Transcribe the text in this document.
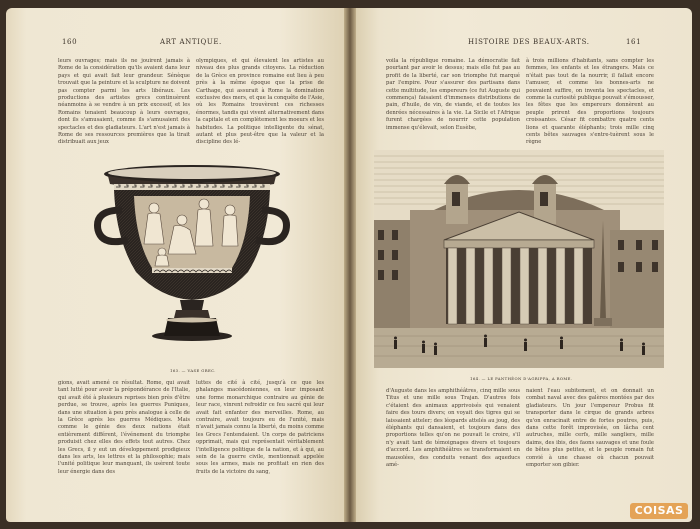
160	ART ANTIQUE.

leurs ouvrages; mais ils ne jouirent jamais à Rome de la considération qu'ils avaient dans leur pays et qui avait fait leur grandeur. Sénèque trouvait que la peinture et la sculpture ne doivent pas compter parmi les arts libéraux. Les productions des artistes grecs continuèrent néanmoins à se vendre à un prix excessif, et les Romains tenaient beaucoup à leurs ouvrages, dont ils s'amusaient, comme ils s'amusaient des spectacles et des gladiateurs. L'art n'est jamais à Rome de ses ressources premières que la tirait distribuait aux jeux

olympiques, et qui élevaient les artistes au niveau des plus grands citoyens. La réduction de la Grèce en province romaine eut lieu à peu près à la même époque que la prise de Carthage, qui assurait à Rome la domination exclusive des mers, et que la conquête de l'Asie, où les Romains trouvèrent ces richesses énormes, tandis qui vivent alternativement dans la capitale et en complètement les moeurs et les habitudes. La politique intelligente du sénat, autant et plus peut-être que la valeur et la discipline des lé-

163. — VASE GREC.

gions, avait amené ce résultat. Rome, qui avait tant lutté pour avoir la prépondérance de l'Italie, qui avait été à plusieurs reprises bien près d'être perdue, se trouve, après les guerres Puniques, dans une situation à peu près analogue à celle de la Grèce après les guerres Médiques. Mais comme le génie des deux nations était entièrement différent, l'événement du triomphe produisit chez elles des effets tout autres. Chez les Grecs, il y eut un développement prodigieux dans les arts, les lettres et la philosophie; mais l'unité politique leur manquant, ils usèrent toute leur énergie dans des

luttes de cité à cité, jusqu'à ce que les phalanges macédoniennes, en leur imposant une forme monarchique contraire au génie de leur race, vinrent refroidir ce feu sacré qui leur avait fait enfanter des merveilles. Rome, au contraire, avait toujours eu de l'unité, mais n'avait jamais connu la liberté, du moins comme les Grecs l'entendaient. Un corps de patriciens opprimait, mais qui représentait véritablement l'intelligence politique de la nation, et à qui, au sein de la guerre civile, mentionnait appelée sous les armes, mais ne profitait en rien des fruits de la victoire du sang,

HISTOIRE DES BEAUX-ARTS.	161

voila la république romaine. La démocratie fait pourtant par avoir le dessus; mais elle fut pas au profit de la liberté, car son triomphe fut marqué par l'empire. Pour s'assurer des partisans dans cette multitude, les empereurs (ce fut Auguste qui commença) faisaient d'immenses distributions de pain, d'huile, de vin, de viande, et de toutes les denrées nécessaires à la vie. La Sicile et l'Afrique furent chargées de nourrir cette population immense qu'élevait, selon Eusèbe,

à trois millions d'habitants, sans compter les femmes, les enfants et les étrangers. Mais ce n'était pas tout de la nourrir, il fallait encore l'amuser, et comme les bonnes-arts ne pouvaient suffire, on inventa les spectacles, et comme la curiosité publique pouvait s'émousser, les fêtes que les empereurs donnèrent au peuple prirent des proportions toujours croissantes. César fit combattre quatre cents lions et quarante éléphants; trois mille cinq cents bêtes sauvages s'entre-tuèrent sous le règne

164. — LE PANTHÉON D'AGRIPPA, A ROME.

d'Auguste dans les amphithéâtres, cinq mille sous Titus et une mille sous Trajan. D'autres fois c'étaient des animaux apprivoisés qui venaient faire des tours divers; on voyait des tigres qui se laissaient atteler; des léopards attelés au joug, des éléphants qui dansaient, et toujours dans des proportions telles qu'on ne pouvait le croire, s'il n'y avait tant de témoignages divers et toujours d'accord. Les amphithéâtres se transformaient en mausolées, des conduits venant des aqueducs amé-

naient l'eau subitement, et on donnait un combat naval avec des galères montées par des gladiateurs. Un jour l'empereur Probus fit transporter dans le cirque de grands arbres qu'on enracinait entre de fortes poutres, puis, dans cette forêt improvisée, on lâcha cent autruches, mille cerfs, mille sangliers, mille daims, des ibis, des faons sauvages et une foule de bêtes plus petites, et le peuple romain fut convié à une chasse où chacun pouvait emporter son gibier.

COISAS
